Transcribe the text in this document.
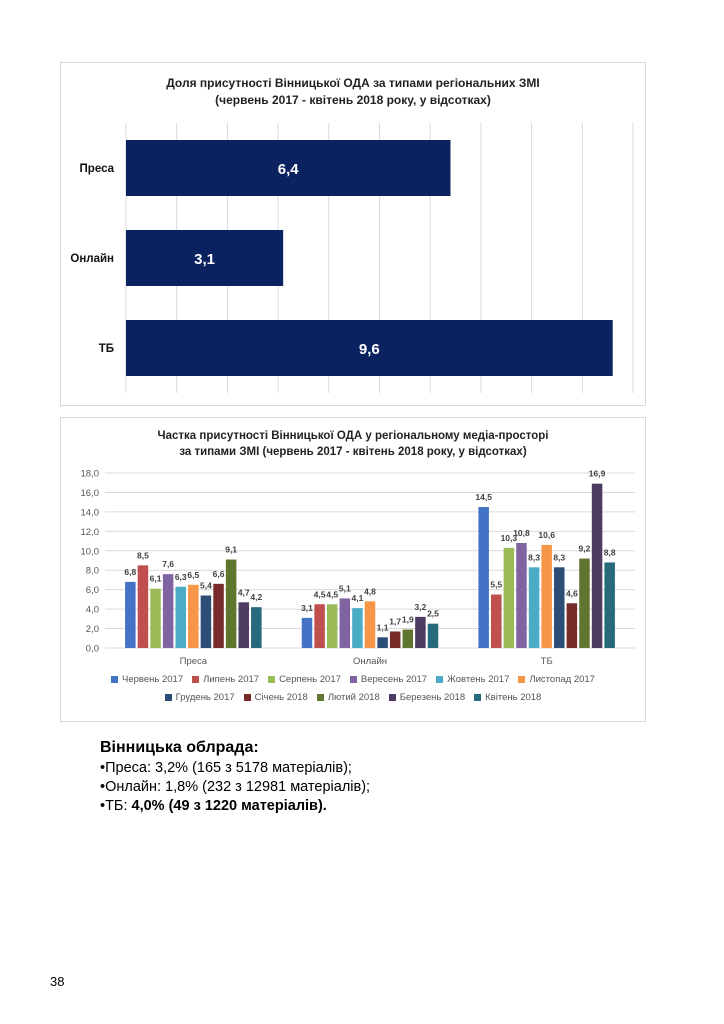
Доля присутності Вінницької ОДА за типами регіональних ЗМІ
(червень 2017 - квітень 2018 року, у відсотках)
Преса	6,4
Онлайн	3,1
ТБ	9,6
Частка присутності Вінницької ОДА у регіональному медіа-просторі
за типами ЗМІ (червень 2017 - квітень 2018 року, у відсотках)
0,0
2,0
4,0
6,0
8,0
10,0
12,0
14,0
16,0
18,0
6,8
8,5
6,1
7,6
6,3 6,5
5,4
6,6
9,1
4,7 4,2
Преса
3,1
4,5 4,5
5,1
4,1
4,8
1,1
1,7 1,9
3,2
2,5
Онлайн
14,5
5,5
10,3
10,8
8,3
10,6
8,3
4,6
9,2
16,9
8,8
ТБ
Червень 2017 Липень 2017 Серпень 2017 Вересень 2017 Жовтень 2017 Листопад 2017
Грудень 2017 Січень 2018 Лютий 2018 Березень 2018 Квітень 2018
Вінницька облрада:
•Преса: 3,2% (165 з 5178 матеріалів);
•Онлайн: 1,8% (232 з 12981 матеріалів);
•ТБ: 4,0% (49 з 1220 матеріалів).
38
